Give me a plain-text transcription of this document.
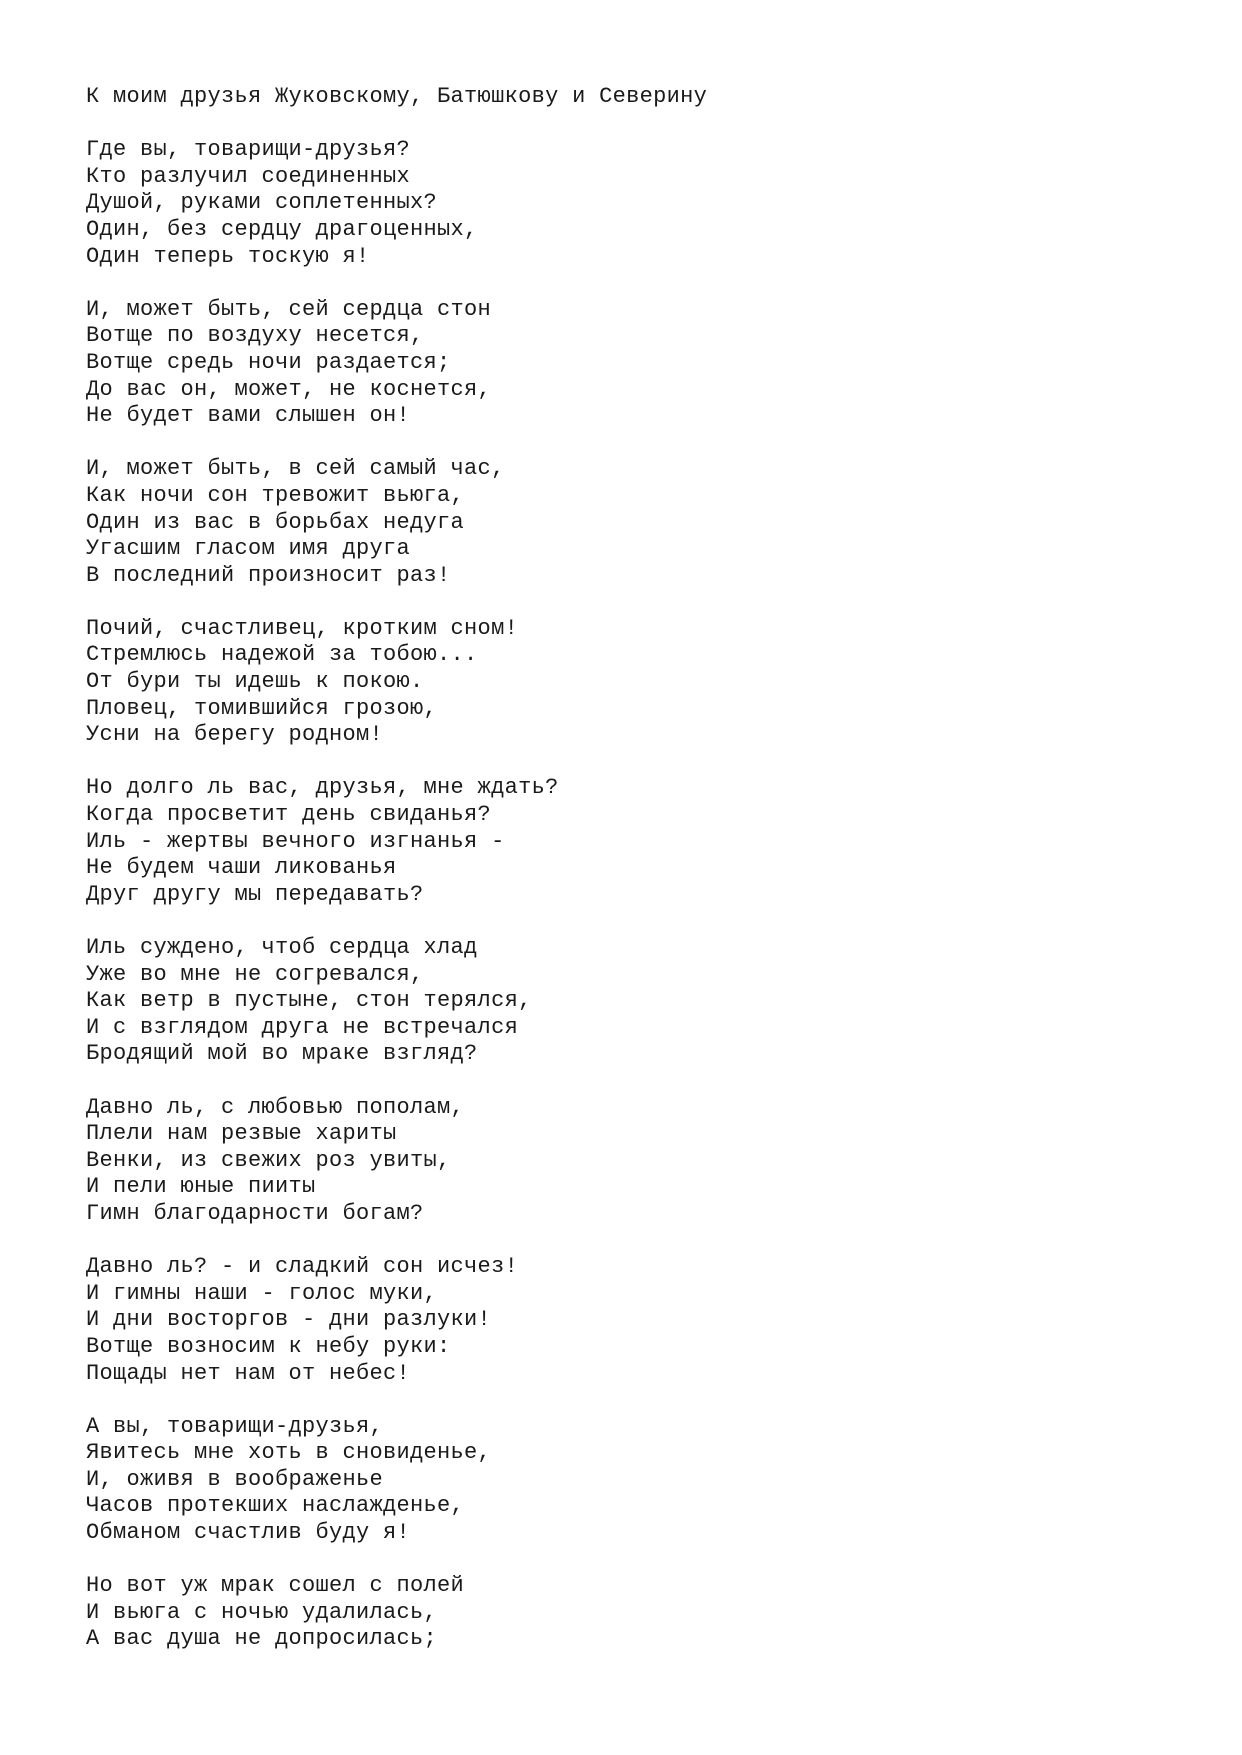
К моим друзья Жуковскому, Батюшкову и Северину
Где вы, товарищи-друзья?
Кто разлучил соединенных
Душой, руками соплетенных?
Один, без сердцу драгоценных,
Один теперь тоскую я!
И, может быть, сей сердца стон
Вотще по воздуху несется,
Вотще средь ночи раздается;
До вас он, может, не коснется,
Не будет вами слышен он!
И, может быть, в сей самый час,
Как ночи сон тревожит вьюга,
Один из вас в борьбах недуга
Угасшим гласом имя друга
В последний произносит раз!
Почий, счастливец, кротким сном!
Стремлюсь надежой за тобою...
От бури ты идешь к покою.
Пловец, томившийся грозою,
Усни на берегу родном!
Но долго ль вас, друзья, мне ждать?
Когда просветит день свиданья?
Иль - жертвы вечного изгнанья -
Не будем чаши ликованья
Друг другу мы передавать?
Иль суждено, чтоб сердца хлад
Уже во мне не согревался,
Как ветр в пустыне, стон терялся,
И с взглядом друга не встречался
Бродящий мой во мраке взгляд?
Давно ль, с любовью пополам,
Плели нам резвые хариты
Венки, из свежих роз увиты,
И пели юные пииты
Гимн благодарности богам?
Давно ль? - и сладкий сон исчез!
И гимны наши - голос муки,
И дни восторгов - дни разлуки!
Вотще возносим к небу руки:
Пощады нет нам от небес!
А вы, товарищи-друзья,
Явитесь мне хоть в сновиденье,
И, оживя в воображенье
Часов протекших наслажденье,
Обманом счастлив буду я!
Но вот уж мрак сошел с полей
И вьюга с ночью удалилась,
А вас душа не допросилась;
